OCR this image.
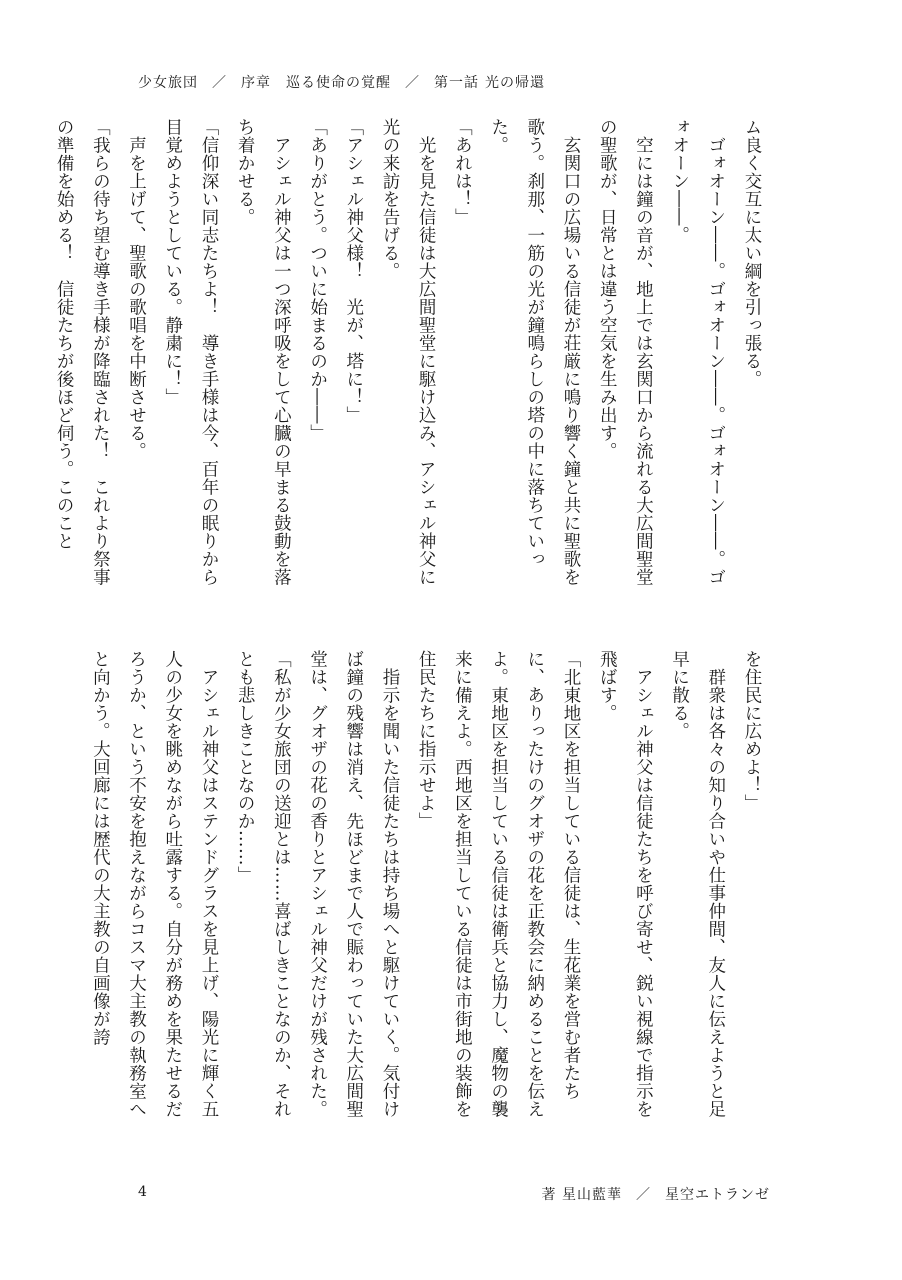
少女旅団 ／ 序章　巡る使命の覚醒 ／ 第一話 光の帰還

ム良く交互に太い綱を引っ張る。

　ゴォオーン――。ゴォオーン――。ゴォオーン――。ゴォオーン――。

　空には鐘の音が、地上では玄関口から流れる大広間聖堂の聖歌が、日常とは違う空気を生み出す。

　玄関口の広場いる信徒が荘厳に鳴り響く鐘と共に聖歌を歌う。刹那、一筋の光が鐘鳴らしの塔の中に落ちていった。

「あれは！」

　光を見た信徒は大広間聖堂に駆け込み、アシェル神父に光の来訪を告げる。

「アシェル神父様！　光が、塔に！」

「ありがとう。ついに始まるのか――」

　アシェル神父は一つ深呼吸をして心臓の早まる鼓動を落ち着かせる。

「信仰深い同志たちよ！　導き手様は今、百年の眠りから目覚めようとしている。静粛に！」

　声を上げて、聖歌の歌唱を中断させる。

「我らの待ち望む導き手様が降臨された！　これより祭事の準備を始める！　信徒たちが後ほど伺う。このこと

を住民に広めよ！」

　群衆は各々の知り合いや仕事仲間、友人に伝えようと足早に散る。

　アシェル神父は信徒たちを呼び寄せ、鋭い視線で指示を飛ばす。

「北東地区を担当している信徒は、生花業を営む者たちに、ありったけのグオザの花を正教会に納めることを伝えよ。東地区を担当している信徒は衛兵と協力し、魔物の襲来に備えよ。西地区を担当している信徒は市街地の装飾を住民たちに指示せよ」

　指示を聞いた信徒たちは持ち場へと駆けていく。気付けば鐘の残響は消え、先ほどまで人で賑わっていた大広間聖堂は、グオザの花の香りとアシェル神父だけが残された。

「私が少女旅団の送迎とは……喜ばしきことなのか、それとも悲しきことなのか……」

　アシェル神父はステンドグラスを見上げ、陽光に輝く五人の少女を眺めながら吐露する。自分が務めを果たせるだろうか、という不安を抱えながらコスマ大主教の執務室へと向かう。大回廊には歴代の大主教の自画像が誇

4	著 星山藍華 ／ 星空エトランゼ
